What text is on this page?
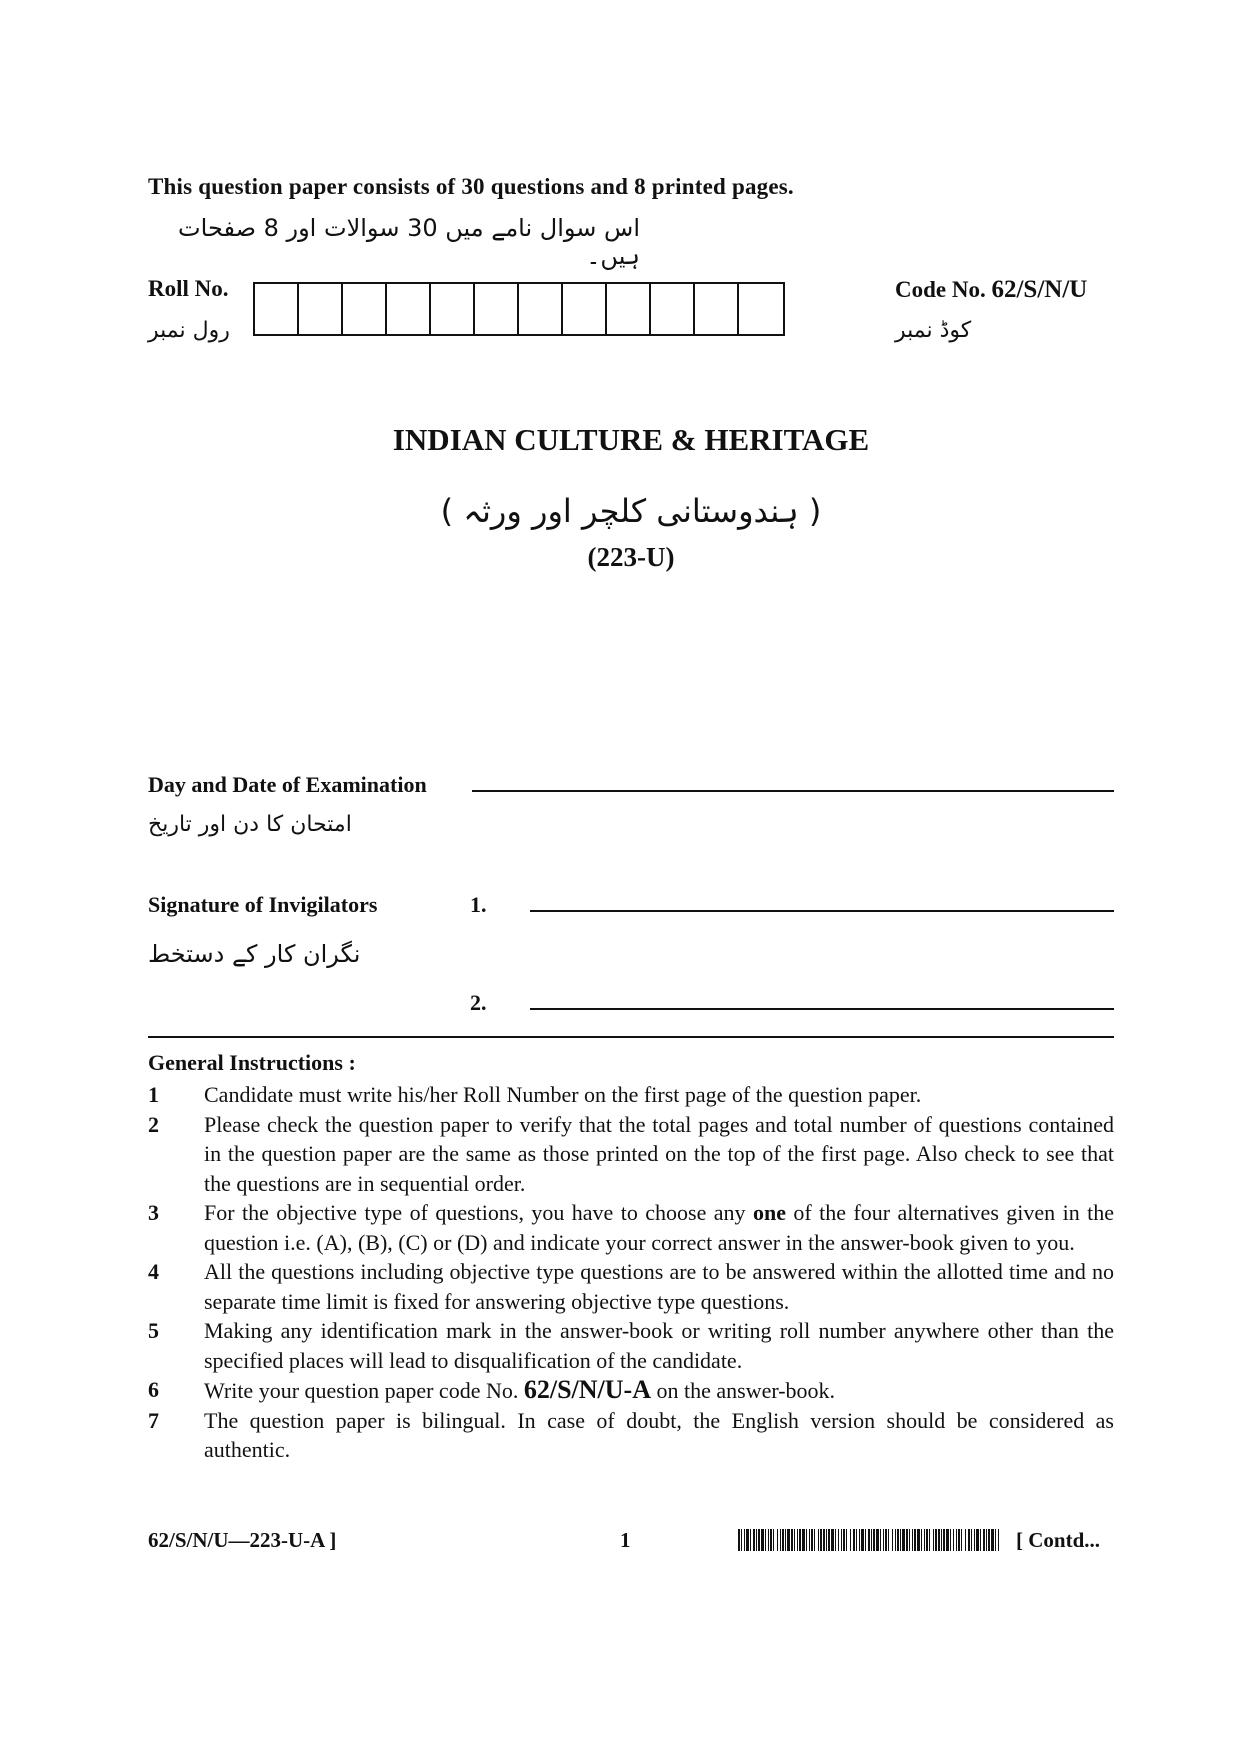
This question paper consists of 30 questions and 8 printed pages.
اس سوال نامے میں 30 سوالات اور 8 صفحات ہیں۔
Roll No.
رول نمبر
Code No. 62/S/N/U
کوڈ نمبر
INDIAN CULTURE & HERITAGE
( ہندوستانی کلچر اور ورثہ )
(223-U)
Day and Date of Examination
امتحان کا دن اور تاریخ
Signature of Invigilators	1.
نگران کار کے دستخط
2.
General Instructions :
1	Candidate must write his/her Roll Number on the first page of the question paper.
2	Please check the question paper to verify that the total pages and total number of questions contained in the question paper are the same as those printed on the top of the first page. Also check to see that the questions are in sequential order.
3	For the objective type of questions, you have to choose any one of the four alternatives given in the question i.e. (A), (B), (C) or (D) and indicate your correct answer in the answer-book given to you.
4	All the questions including objective type questions are to be answered within the allotted time and no separate time limit is fixed for answering objective type questions.
5	Making any identification mark in the answer-book or writing roll number anywhere other than the specified places will lead to disqualification of the candidate.
6	Write your question paper code No. 62/S/N/U-A on the answer-book.
7	The question paper is bilingual. In case of doubt, the English version should be considered as authentic.
62/S/N/U—223-U-A ]	1	[ Contd...
